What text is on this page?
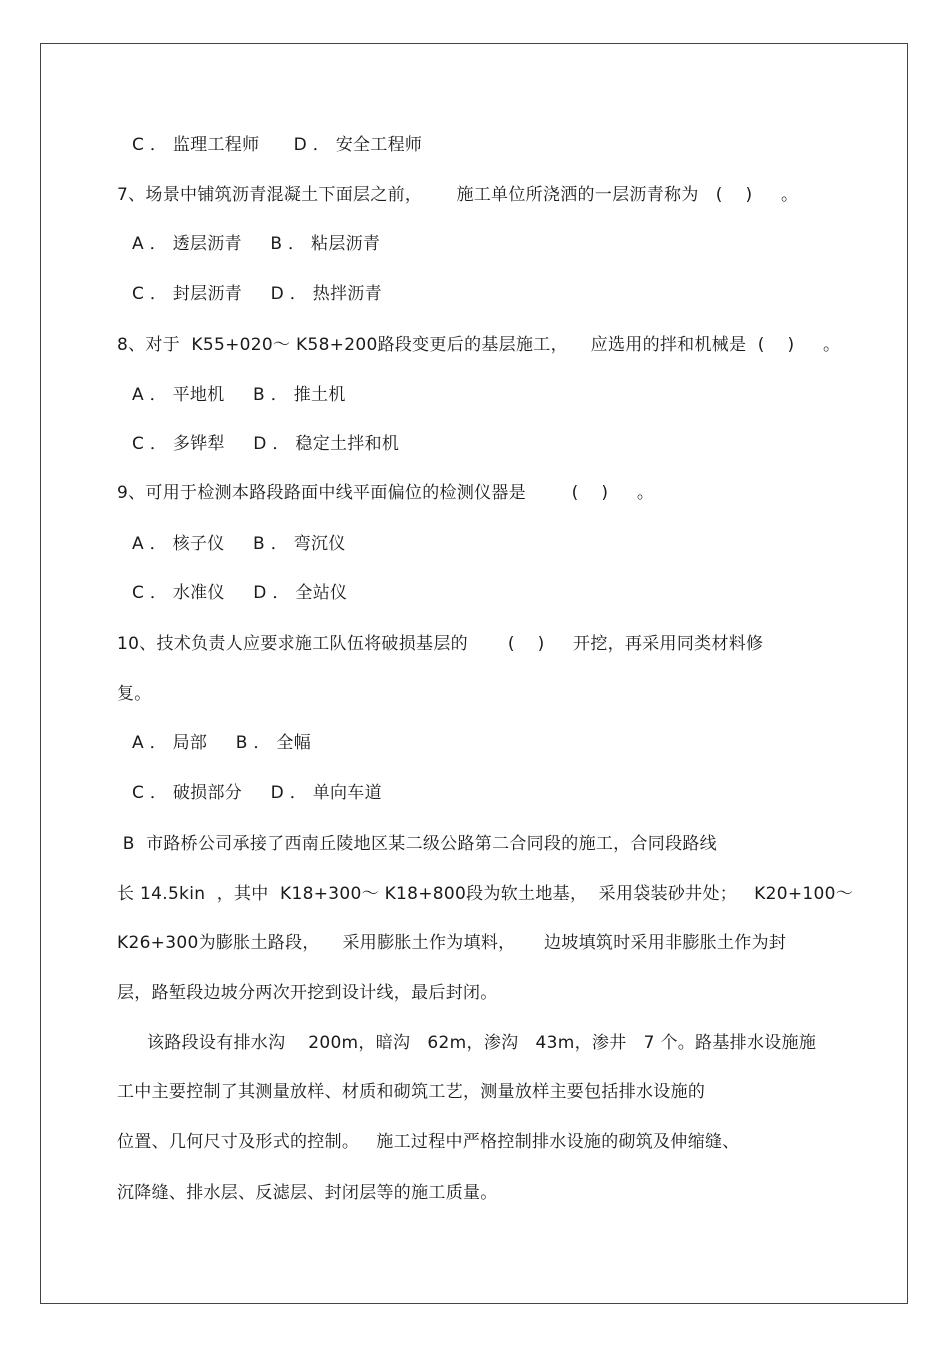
C ． 监理工程师      D ． 安全工程师
7、场景中铺筑沥青混凝土下面层之前，      施工单位所浇洒的一层沥青称为   (    )     。
A ． 透层沥青     B ． 粘层沥青
C ． 封层沥青     D ． 热拌沥青
8、对于  K55+020～ K58+200路段变更后的基层施工，    应选用的拌和机械是  (    )     。
A ． 平地机     B ． 推土机
C ． 多铧犁     D ． 稳定土拌和机
9、可用于检测本路段路面中线平面偏位的检测仪器是        (    )     。
A ． 核子仪     B ． 弯沉仪
C ． 水准仪     D ． 全站仪
10、技术负责人应要求施工队伍将破损基层的       (    )     开挖，再采用同类材料修
复。
A ． 局部     B ． 全幅
C ． 破损部分     D ． 单向车道
B  市路桥公司承接了西南丘陵地区某二级公路第二合同段的施工，合同段路线
长 14.5kin  ，其中  K18+300～ K18+800段为软土地基，  采用袋装砂井处；   K20+100～
K26+300为膨胀土路段，    采用膨胀土作为填料，     边坡填筑时采用非膨胀土作为封
层，路堑段边坡分两次开挖到设计线，最后封闭。
该路段设有排水沟    200m，暗沟   62m，渗沟   43m，渗井   7 个。路基排水设施施
工中主要控制了其测量放样、材质和砌筑工艺，测量放样主要包括排水设施的
位置、几何尺寸及形式的控制。   施工过程中严格控制排水设施的砌筑及伸缩缝、
沉降缝、排水层、反滤层、封闭层等的施工质量。
